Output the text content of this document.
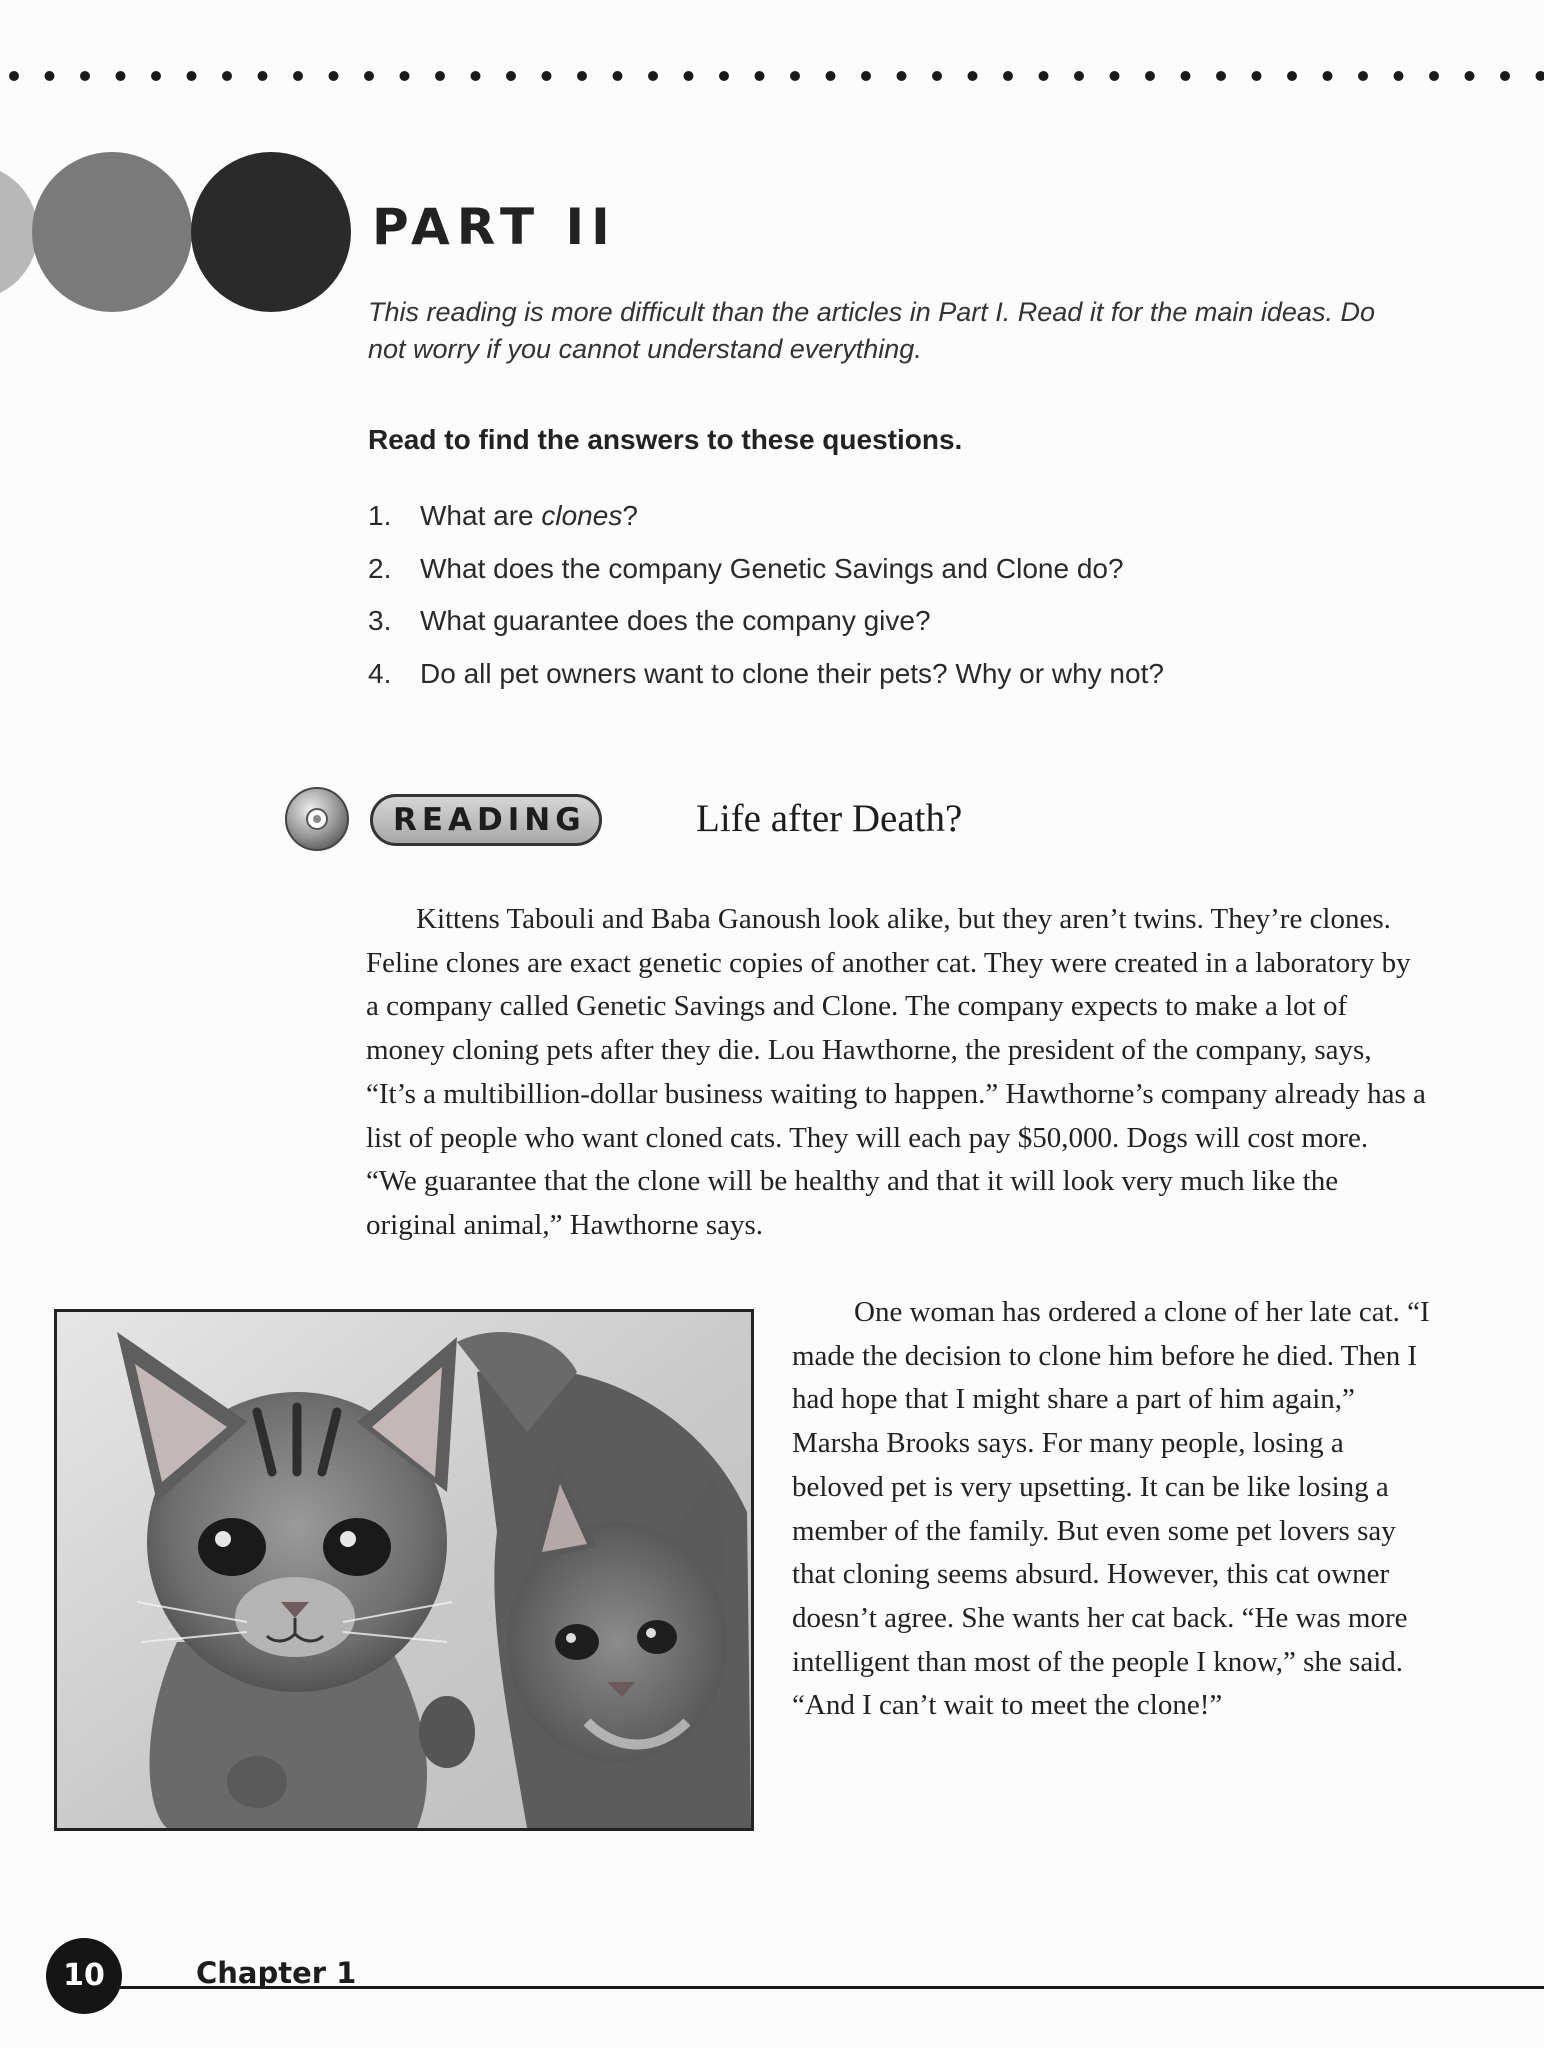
PART II

This reading is more difficult than the articles in Part I. Read it for the main ideas. Do not worry if you cannot understand everything.

Read to find the answers to these questions.
1. What are clones?
2. What does the company Genetic Savings and Clone do?
3. What guarantee does the company give?
4. Do all pet owners want to clone their pets? Why or why not?
READING	Life after Death?

Kittens Tabouli and Baba Ganoush look alike, but they aren’t twins. They’re clones. Feline clones are exact genetic copies of another cat. They were created in a laboratory by a company called Genetic Savings and Clone. The company expects to make a lot of money cloning pets after they die. Lou Hawthorne, the president of the company, says, “It’s a multibillion-dollar business waiting to happen.” Hawthorne’s company already has a list of people who want cloned cats. They will each pay $50,000. Dogs will cost more. “We guarantee that the clone will be healthy and that it will look very much like the original animal,” Hawthorne says.

One woman has ordered a clone of her late cat. “I made the decision to clone him before he died. Then I had hope that I might share a part of him again,” Marsha Brooks says. For many people, losing a beloved pet is very upsetting. It can be like losing a member of the family. But even some pet lovers say that cloning seems absurd. However, this cat owner doesn’t agree. She wants her cat back. “He was more intelligent than most of the people I know,” she said. “And I can’t wait to meet the clone!”

10	Chapter 1
